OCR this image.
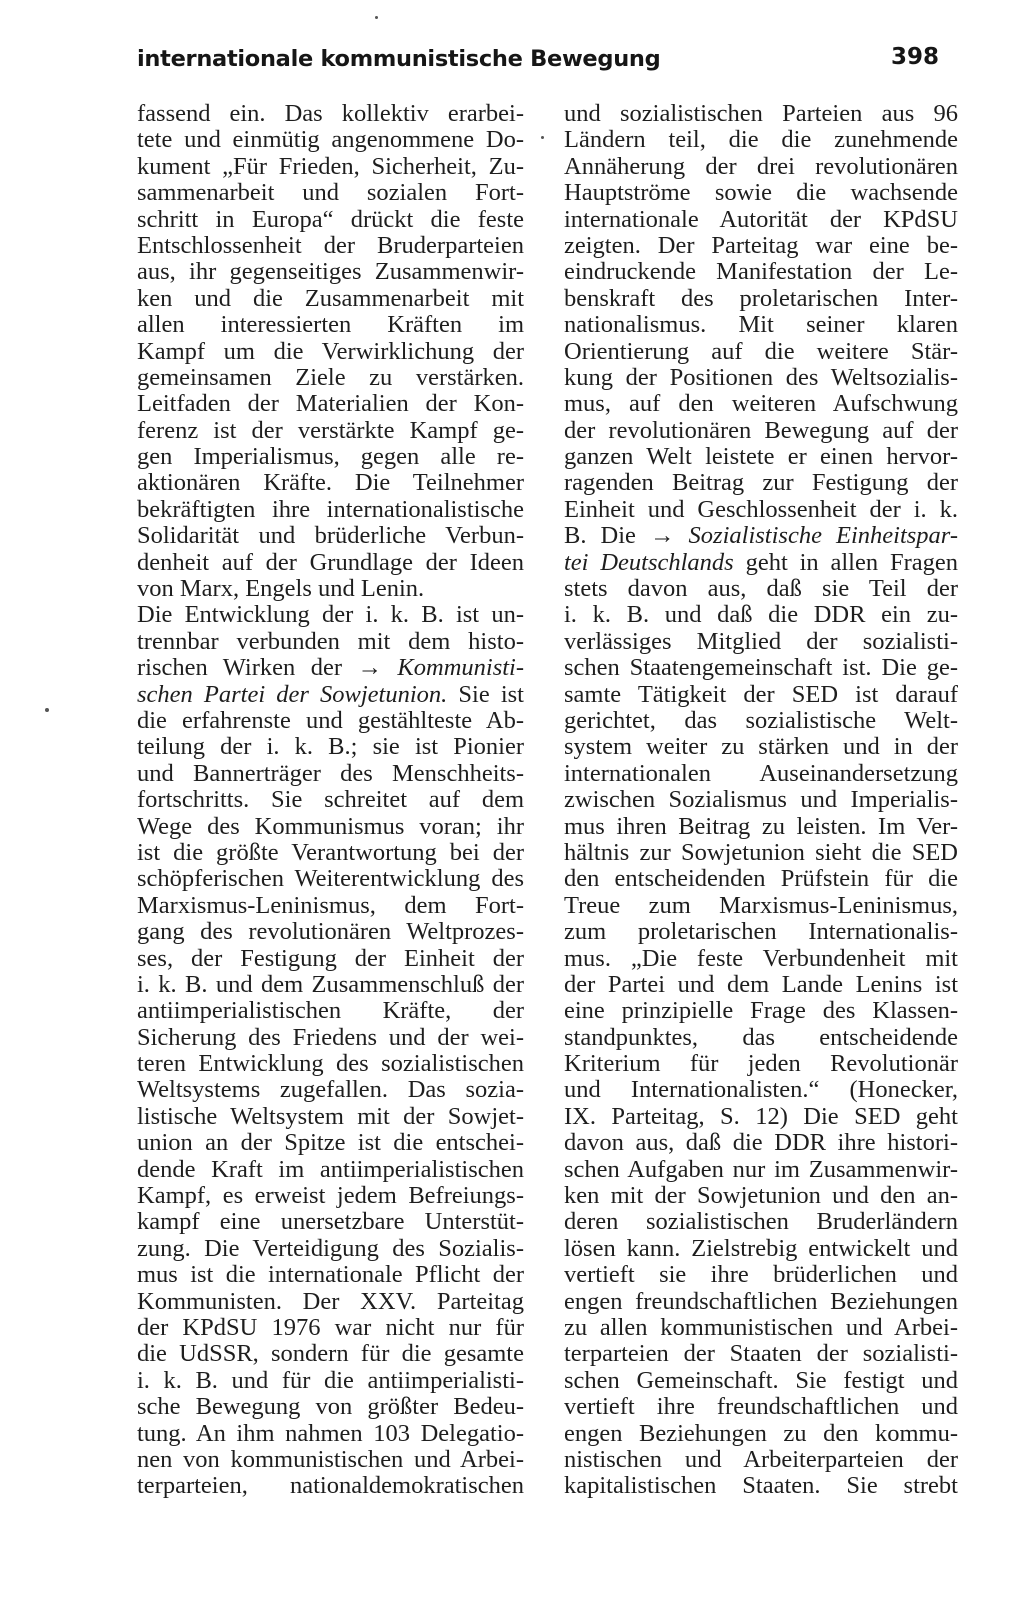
internationale kommunistische Bewegung	398
fassend ein. Das kollektiv erarbei-
tete und einmütig angenommene Do-
kument „Für Frieden, Sicherheit, Zu-
sammenarbeit und sozialen Fort-
schritt in Europa“ drückt die feste
Entschlossenheit der Bruderparteien
aus, ihr gegenseitiges Zusammenwir-
ken und die Zusammenarbeit mit
allen interessierten Kräften im
Kampf um die Verwirklichung der
gemeinsamen Ziele zu verstärken.
Leitfaden der Materialien der Kon-
ferenz ist der verstärkte Kampf ge-
gen Imperialismus, gegen alle re-
aktionären Kräfte. Die Teilnehmer
bekräftigten ihre internationalistische
Solidarität und brüderliche Verbun-
denheit auf der Grundlage der Ideen
von Marx, Engels und Lenin.
Die Entwicklung der i. k. B. ist un-
trennbar verbunden mit dem histo-
rischen Wirken der → Kommunisti-
schen Partei der Sowjetunion. Sie ist
die erfahrenste und gestählteste Ab-
teilung der i. k. B.; sie ist Pionier
und Bannerträger des Menschheits-
fortschritts. Sie schreitet auf dem
Wege des Kommunismus voran; ihr
ist die größte Verantwortung bei der
schöpferischen Weiterentwicklung des
Marxismus-Leninismus, dem Fort-
gang des revolutionären Weltprozes-
ses, der Festigung der Einheit der
i. k. B. und dem Zusammenschluß der
antiimperialistischen Kräfte, der
Sicherung des Friedens und der wei-
teren Entwicklung des sozialistischen
Weltsystems zugefallen. Das sozia-
listische Weltsystem mit der Sowjet-
union an der Spitze ist die entschei-
dende Kraft im antiimperialistischen
Kampf, es erweist jedem Befreiungs-
kampf eine unersetzbare Unterstüt-
zung. Die Verteidigung des Sozialis-
mus ist die internationale Pflicht der
Kommunisten. Der XXV. Parteitag
der KPdSU 1976 war nicht nur für
die UdSSR, sondern für die gesamte
i. k. B. und für die antiimperialisti-
sche Bewegung von größter Bedeu-
tung. An ihm nahmen 103 Delegatio-
nen von kommunistischen und Arbei-
terparteien, nationaldemokratischen
und sozialistischen Parteien aus 96
Ländern teil, die die zunehmende
Annäherung der drei revolutionären
Hauptströme sowie die wachsende
internationale Autorität der KPdSU
zeigten. Der Parteitag war eine be-
eindruckende Manifestation der Le-
benskraft des proletarischen Inter-
nationalismus. Mit seiner klaren
Orientierung auf die weitere Stär-
kung der Positionen des Weltsozialis-
mus, auf den weiteren Aufschwung
der revolutionären Bewegung auf der
ganzen Welt leistete er einen hervor-
ragenden Beitrag zur Festigung der
Einheit und Geschlossenheit der i. k.
B. Die → Sozialistische Einheitspar-
tei Deutschlands geht in allen Fragen
stets davon aus, daß sie Teil der
i. k. B. und daß die DDR ein zu-
verlässiges Mitglied der sozialisti-
schen Staatengemeinschaft ist. Die ge-
samte Tätigkeit der SED ist darauf
gerichtet, das sozialistische Welt-
system weiter zu stärken und in der
internationalen Auseinandersetzung
zwischen Sozialismus und Imperialis-
mus ihren Beitrag zu leisten. Im Ver-
hältnis zur Sowjetunion sieht die SED
den entscheidenden Prüfstein für die
Treue zum Marxismus-Leninismus,
zum proletarischen Internationalis-
mus. „Die feste Verbundenheit mit
der Partei und dem Lande Lenins ist
eine prinzipielle Frage des Klassen-
standpunktes, das entscheidende
Kriterium für jeden Revolutionär
und Internationalisten.“ (Honecker,
IX. Parteitag, S. 12) Die SED geht
davon aus, daß die DDR ihre histori-
schen Aufgaben nur im Zusammenwir-
ken mit der Sowjetunion und den an-
deren sozialistischen Bruderländern
lösen kann. Zielstrebig entwickelt und
vertieft sie ihre brüderlichen und
engen freundschaftlichen Beziehungen
zu allen kommunistischen und Arbei-
terparteien der Staaten der sozialisti-
schen Gemeinschaft. Sie festigt und
vertieft ihre freundschaftlichen und
engen Beziehungen zu den kommu-
nistischen und Arbeiterparteien der
kapitalistischen Staaten. Sie strebt
